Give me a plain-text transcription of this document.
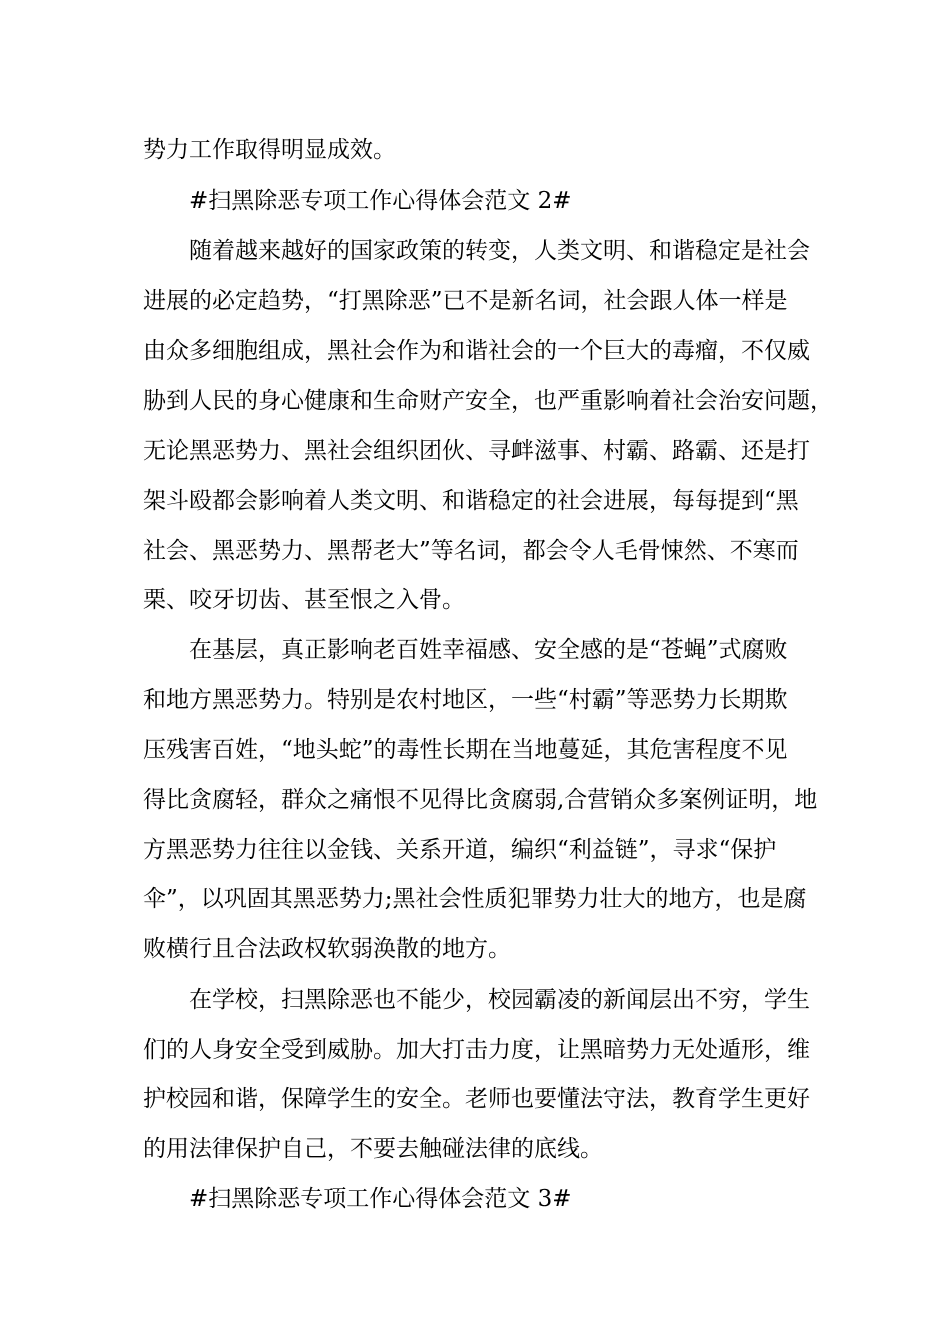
势力工作取得明显成效。
#扫黑除恶专项工作心得体会范文 2#
随着越来越好的国家政策的转变，人类文明、和谐稳定是社会
进展的必定趋势，“打黑除恶”已不是新名词，社会跟人体一样是
由众多细胞组成，黑社会作为和谐社会的一个巨大的毒瘤，不仅威
胁到人民的身心健康和生命财产安全，也严重影响着社会治安问题，
无论黑恶势力、黑社会组织团伙、寻衅滋事、村霸、路霸、还是打
架斗殴都会影响着人类文明、和谐稳定的社会进展，每每提到“黑
社会、黑恶势力、黑帮老大”等名词，都会令人毛骨悚然、不寒而
栗、咬牙切齿、甚至恨之入骨。
在基层，真正影响老百姓幸福感、安全感的是“苍蝇”式腐败
和地方黑恶势力。特别是农村地区，一些“村霸”等恶势力长期欺
压残害百姓，“地头蛇”的毒性长期在当地蔓延，其危害程度不见
得比贪腐轻，群众之痛恨不见得比贪腐弱,合营销众多案例证明，地
方黑恶势力往往以金钱、关系开道，编织“利益链”，寻求“保护
伞”，以巩固其黑恶势力;黑社会性质犯罪势力壮大的地方，也是腐
败横行且合法政权软弱涣散的地方。
在学校，扫黑除恶也不能少，校园霸凌的新闻层出不穷，学生
们的人身安全受到威胁。加大打击力度，让黑暗势力无处遁形，维
护校园和谐，保障学生的安全。老师也要懂法守法，教育学生更好
的用法律保护自己，不要去触碰法律的底线。
#扫黑除恶专项工作心得体会范文 3#
